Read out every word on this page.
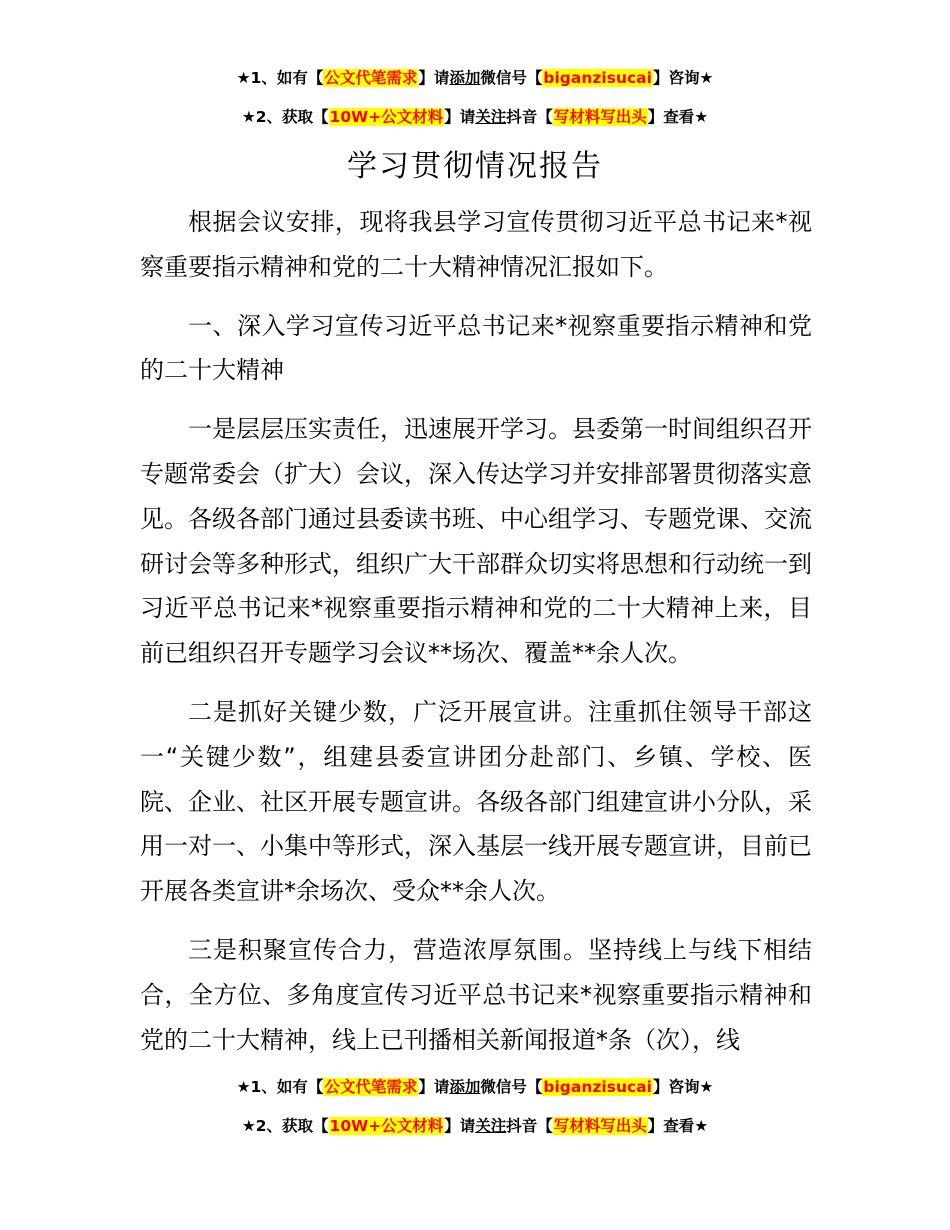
★1、如有【公文代笔需求】请添加微信号【biganzisucai】咨询★
★2、获取【10W+公文材料】请关注抖音【写材料写出头】查看★
学习贯彻情况报告

根据会议安排，现将我县学习宣传贯彻习近平总书记来*视察重要指示精神和党的二十大精神情况汇报如下。

一、深入学习宣传习近平总书记来*视察重要指示精神和党的二十大精神

一是层层压实责任，迅速展开学习。县委第一时间组织召开专题常委会（扩大）会议，深入传达学习并安排部署贯彻落实意见。各级各部门通过县委读书班、中心组学习、专题党课、交流研讨会等多种形式，组织广大干部群众切实将思想和行动统一到习近平总书记来*视察重要指示精神和党的二十大精神上来，目前已组织召开专题学习会议**场次、覆盖**余人次。

二是抓好关键少数，广泛开展宣讲。注重抓住领导干部这一“关键少数”，组建县委宣讲团分赴部门、乡镇、学校、医院、企业、社区开展专题宣讲。各级各部门组建宣讲小分队，采用一对一、小集中等形式，深入基层一线开展专题宣讲，目前已开展各类宣讲*余场次、受众**余人次。

三是积聚宣传合力，营造浓厚氛围。坚持线上与线下相结合，全方位、多角度宣传习近平总书记来*视察重要指示精神和党的二十大精神，线上已刊播相关新闻报道*条（次），线

★1、如有【公文代笔需求】请添加微信号【biganzisucai】咨询★
★2、获取【10W+公文材料】请关注抖音【写材料写出头】查看★
